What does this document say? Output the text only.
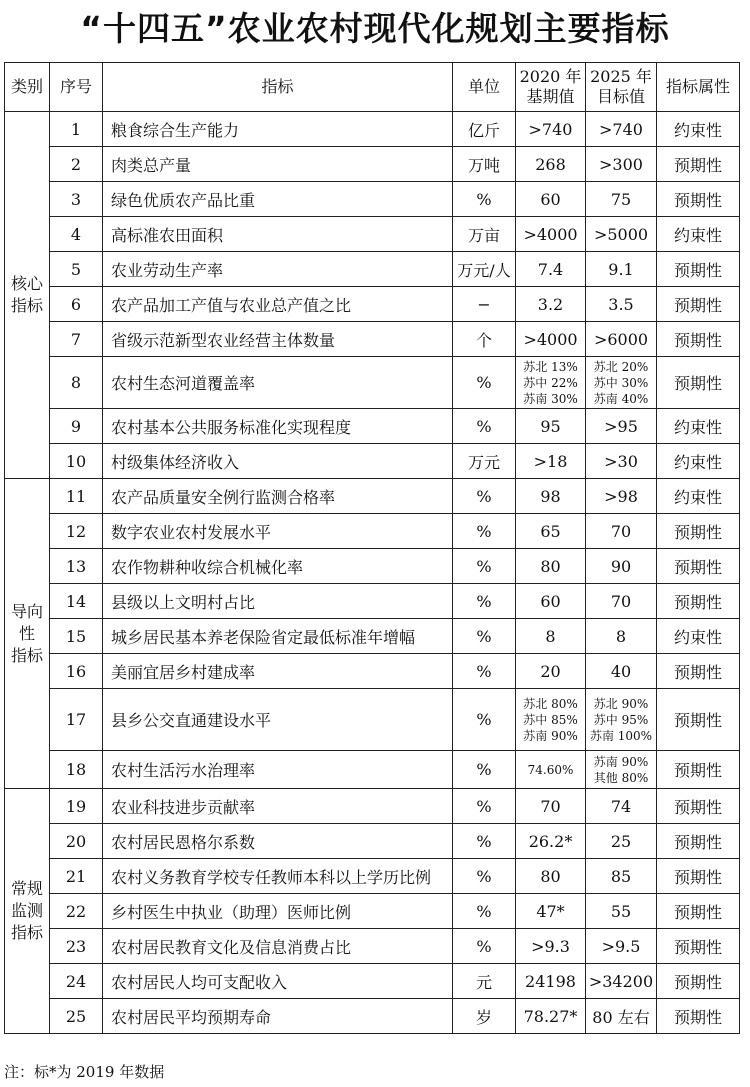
“十四五”农业农村现代化规划主要指标
类别	序号	指标	单位	2020 年 基期值	2025 年 目标值	指标属性
核心
指标	1	粮食综合生产能力	亿斤	>740	>740	约束性
	2	肉类总产量	万吨	268	>300	预期性
	3	绿色优质农产品比重	%	60	75	预期性
	4	高标准农田面积	万亩	>4000	>5000	约束性
	5	农业劳动生产率	万元/人	7.4	9.1	预期性
	6	农产品加工产值与农业总产值之比	−	3.2	3.5	预期性
	7	省级示范新型农业经营主体数量	个	>4000	>6000	预期性
	8	农村生态河道覆盖率	%	苏北 13%
苏中 22%
苏南 30%	苏北 20%
苏中 30%
苏南 40%	预期性
	9	农村基本公共服务标准化实现程度	%	95	>95	约束性
	10	村级集体经济收入	万元	>18	>30	约束性
导向
性
指标	11	农产品质量安全例行监测合格率	%	98	>98	约束性
	12	数字农业农村发展水平	%	65	70	预期性
	13	农作物耕种收综合机械化率	%	80	90	预期性
	14	县级以上文明村占比	%	60	70	预期性
	15	城乡居民基本养老保险省定最低标准年增幅	%	8	8	约束性
	16	美丽宜居乡村建成率	%	20	40	预期性
	17	县乡公交直通建设水平	%	苏北 80%
苏中 85%
苏南 90%	苏北 90%
苏中 95%
苏南 100%	预期性
	18	农村生活污水治理率	%	74.60%	苏南 90%
其他 80%	预期性
常规
监测
指标	19	农业科技进步贡献率	%	70	74	预期性
	20	农村居民恩格尔系数	%	26.2*	25	预期性
	21	农村义务教育学校专任教师本科以上学历比例	%	80	85	预期性
	22	乡村医生中执业（助理）医师比例	%	47*	55	预期性
	23	农村居民教育文化及信息消费占比	%	>9.3	>9.5	预期性
	24	农村居民人均可支配收入	元	24198	>34200	预期性
	25	农村居民平均预期寿命	岁	78.27*	80 左右	预期性
注：标*为 2019 年数据
